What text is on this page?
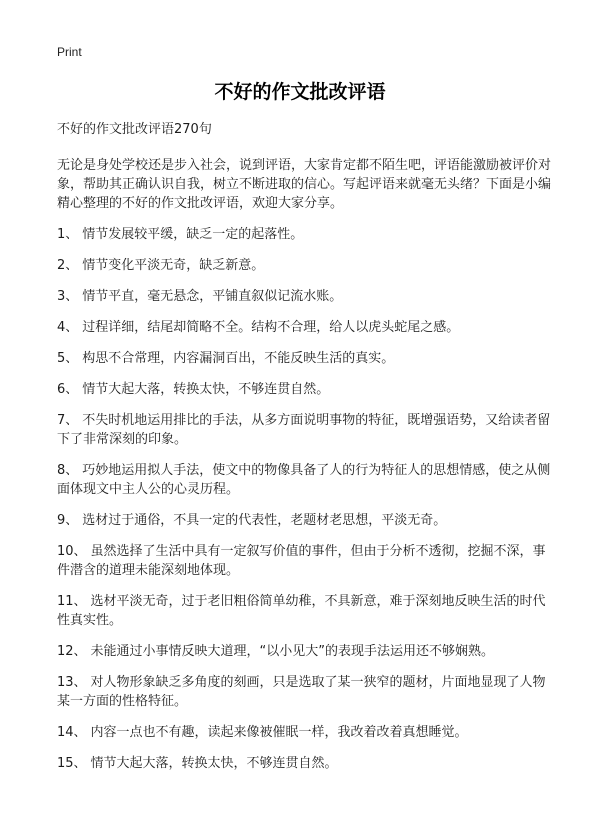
Print
不好的作文批改评语
不好的作文批改评语270句
无论是身处学校还是步入社会，说到评语，大家肯定都不陌生吧，评语能激励被评价对象，帮助其正确认识自我，树立不断进取的信心。写起评语来就毫无头绪？下面是小编精心整理的不好的作文批改评语，欢迎大家分享。
1、 情节发展较平缓，缺乏一定的起落性。
2、 情节变化平淡无奇，缺乏新意。
3、 情节平直，毫无悬念，平铺直叙似记流水账。
4、 过程详细，结尾却简略不全。结构不合理，给人以虎头蛇尾之感。
5、 构思不合常理，内容漏洞百出，不能反映生活的真实。
6、 情节大起大落，转换太快，不够连贯自然。
7、 不失时机地运用排比的手法，从多方面说明事物的特征，既增强语势，又给读者留下了非常深刻的印象。
8、 巧妙地运用拟人手法，使文中的物像具备了人的行为特征人的思想情感，使之从侧面体现文中主人公的心灵历程。
9、 选材过于通俗，不具一定的代表性，老题材老思想，平淡无奇。
10、 虽然选择了生活中具有一定叙写价值的事件，但由于分析不透彻，挖掘不深，事件潜含的道理未能深刻地体现。
11、 选材平淡无奇，过于老旧粗俗简单幼稚，不具新意，难于深刻地反映生活的时代性真实性。
12、 未能通过小事情反映大道理，“以小见大”的表现手法运用还不够娴熟。
13、 对人物形象缺乏多角度的刻画，只是选取了某一狭窄的题材，片面地显现了人物某一方面的性格特征。
14、 内容一点也不有趣，读起来像被催眠一样，我改着改着真想睡觉。
15、 情节大起大落，转换太快，不够连贯自然。
